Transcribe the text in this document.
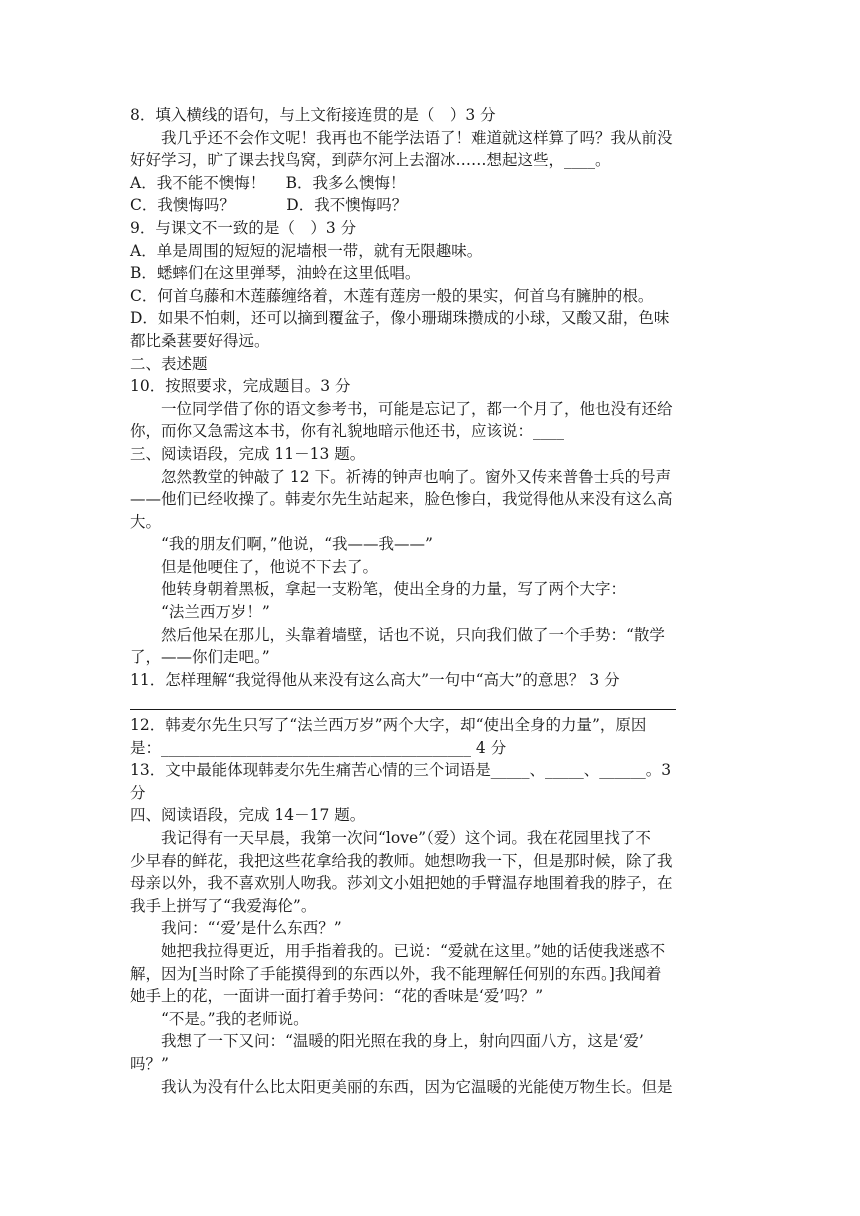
8．填入横线的语句，与上文衔接连贯的是（　）3 分
我几乎还不会作文呢！我再也不能学法语了！难道就这样算了吗？我从前没
好好学习，旷了课去找鸟窝，到萨尔河上去溜冰……想起这些，____。
A．我不能不懊悔！　 B．我多么懊悔！
C．我懊悔吗？　　　 D．我不懊悔吗？
9．与课文不一致的是（　）3 分
A．单是周围的短短的泥墙根一带，就有无限趣味。
B．蟋蟀们在这里弹琴，油蛉在这里低唱。
C．何首乌藤和木莲藤缠络着，木莲有莲房一般的果实，何首乌有臃肿的根。
D．如果不怕刺，还可以摘到覆盆子，像小珊瑚珠攒成的小球，又酸又甜，色味
都比桑葚要好得远。
二、表述题
10．按照要求，完成题目。3 分
一位同学借了你的语文参考书，可能是忘记了，都一个月了，他也没有还给
你，而你又急需这本书，你有礼貌地暗示他还书，应该说：____
三、阅读语段，完成 11－13 题。
忽然教堂的钟敲了 12 下。祈祷的钟声也响了。窗外又传来普鲁士兵的号声
——他们已经收操了。韩麦尔先生站起来，脸色惨白，我觉得他从来没有这么高
大。
“我的朋友们啊，”他说，“我——我——”
但是他哽住了，他说不下去了。
他转身朝着黑板，拿起一支粉笔，使出全身的力量，写了两个大字：
“法兰西万岁！”
然后他呆在那儿，头靠着墙壁，话也不说，只向我们做了一个手势：“散学
了，——你们走吧。”
11．怎样理解“我觉得他从来没有这么高大”一句中“高大”的意思？ 3 分
12．韩麦尔先生只写了“法兰西万岁”两个大字，却“使出全身的力量”，原因
是：________________________________________ 4 分
13．文中最能体现韩麦尔先生痛苦心情的三个词语是_____、_____、______。3
分
四、阅读语段，完成 14－17 题。
我记得有一天早晨，我第一次问“love”（爱）这个词。我在花园里找了不
少早春的鲜花，我把这些花拿给我的教师。她想吻我一下，但是那时候，除了我
母亲以外，我不喜欢别人吻我。莎刘文小姐把她的手臂温存地围着我的脖子，在
我手上拼写了“我爱海伦”。
我问：“‘爱’是什么东西？”
她把我拉得更近，用手指着我的。已说：“爱就在这里。”她的话使我迷惑不
解，因为[当时除了手能摸得到的东西以外，我不能理解任何别的东西。]我闻着
她手上的花，一面讲一面打着手势问：“花的香味是‘爱’吗？”
“不是。”我的老师说。
我想了一下又问：“温暖的阳光照在我的身上，射向四面八方，这是‘爱’
吗？”
我认为没有什么比太阳更美丽的东西，因为它温暖的光能使万物生长。但是
